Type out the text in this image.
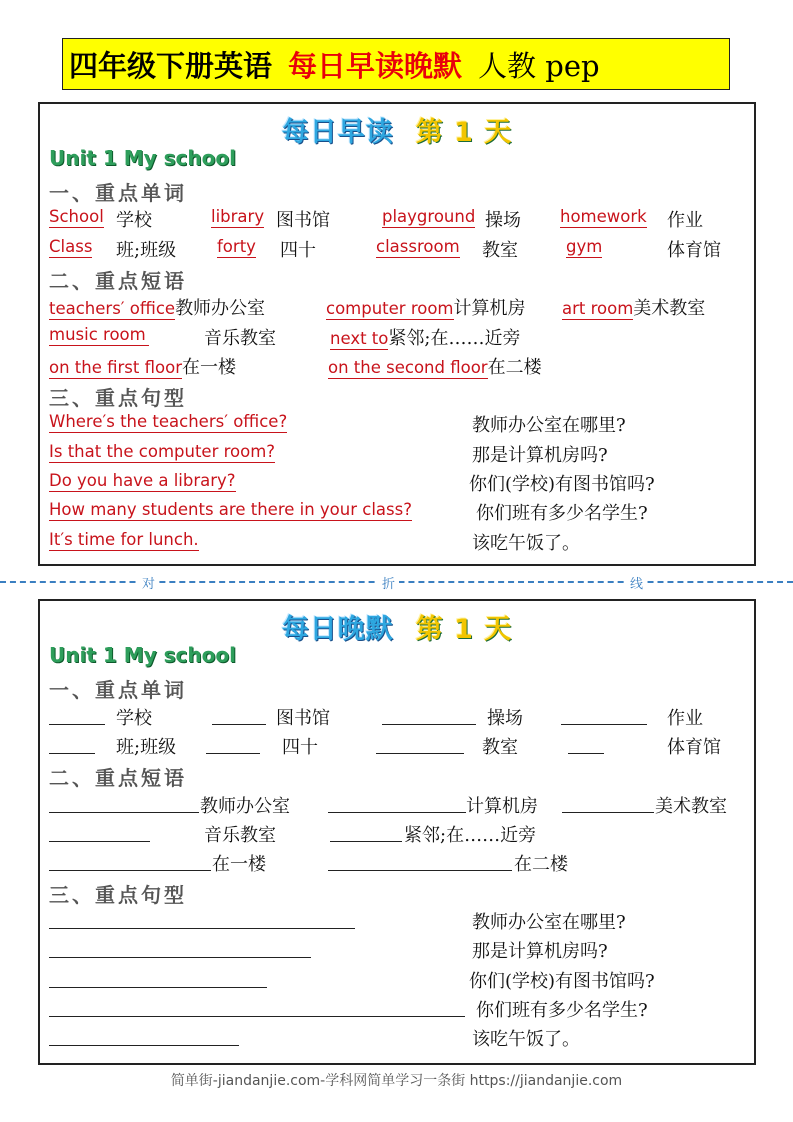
四年级下册英语 每日早读晚默 人教 pep
每日早读 第 1 天
Unit 1 My school
一、重点单词
School 学校	library 图书馆	playground 操场 homework 作业
Class 班;班级 forty 四十	classroom 教室	gym	体育馆
二、重点短语
teachers′ office教师办公室	computer room计算机房 art room美术教室
music room	音乐教室	next to紧邻;在……近旁
on the first floor在一楼	on the second floor在二楼
三、重点句型
Where′s the teachers′ office?	教师办公室在哪里?
Is that the computer room?	那是计算机房吗?
Do you have a library?	你们(学校)有图书馆吗?
How many students are there in your class?	你们班有多少名学生?
It′s time for lunch.	该吃午饭了。
对	折	线
每日晚默 第 1 天
Unit 1 My school
一、重点单词
学校	图书馆	操场	作业
班;班级	四十	教室	体育馆
二、重点短语
教师办公室	计算机房	美术教室
音乐教室	紧邻;在……近旁
在一楼	在二楼
三、重点句型
教师办公室在哪里?
那是计算机房吗?
你们(学校)有图书馆吗?
你们班有多少名学生?
该吃午饭了。
简单街-jiandanjie.com-学科网简单学习一条街 https://jiandanjie.com
